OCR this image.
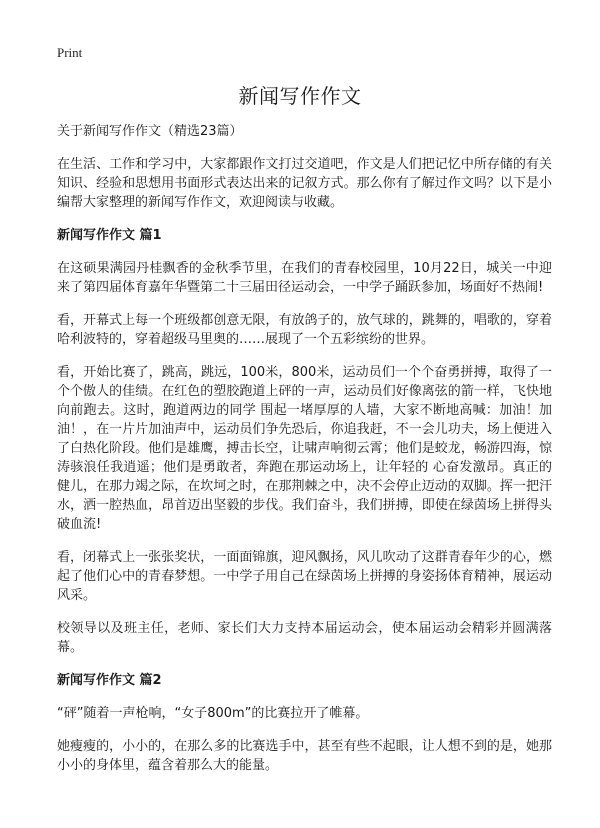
Print
新闻写作作文

关于新闻写作作文（精选23篇）

在生活、工作和学习中，大家都跟作文打过交道吧，作文是人们把记忆中所存储的有关知识、经验和思想用书面形式表达出来的记叙方式。那么你有了解过作文吗？以下是小编帮大家整理的新闻写作作文，欢迎阅读与收藏。

新闻写作作文 篇1

在这硕果满园丹桂飘香的金秋季节里，在我们的青春校园里，10月22日，城关一中迎来了第四届体育嘉年华暨第二十三届田径运动会，一中学子踊跃参加，场面好不热闹!

看，开幕式上每一个班级都创意无限，有放鸽子的，放气球的，跳舞的，唱歌的，穿着哈利波特的，穿着超级马里奥的……展现了一个五彩缤纷的世界。

看，开始比赛了，跳高，跳远，100米，800米，运动员们一个个奋勇拼搏，取得了一个个傲人的佳绩。在红色的塑胶跑道上砰的一声，运动员们好像离弦的箭一样，飞快地向前跑去。这时，跑道两边的同学 围起一堵厚厚的人墙，大家不断地高喊：加油！加油！，在一片片加油声中，运动员们争先恐后，你追我赶，不一会儿功夫，场上便进入了白热化阶段。他们是雄鹰，搏击长空，让啸声响彻云霄；他们是蛟龙，畅游四海，惊涛骇浪任我逍遥；他们是勇敢者，奔跑在那运动场上，让年轻的 心奋发激昂。真正的健儿，在那力竭之际，在坎坷之时，在那荆棘之中，决不会停止迈动的双脚。挥一把汗水，洒一腔热血，昂首迈出坚毅的步伐。我们奋斗，我们拼搏，即使在绿茵场上拼得头破血流!

看，闭幕式上一张张奖状，一面面锦旗，迎风飘扬，风儿吹动了这群青春年少的心，燃起了他们心中的青春梦想。一中学子用自己在绿茵场上拼搏的身姿扬体育精神，展运动风采。

校领导以及班主任，老师、家长们大力支持本届运动会，使本届运动会精彩并圆满落幕。

新闻写作作文 篇2

“砰”随着一声枪响，“女子800m”的比赛拉开了帷幕。

她瘦瘦的，小小的，在那么多的比赛选手中，甚至有些不起眼，让人想不到的是，她那小小的身体里，蕴含着那么大的能量。
